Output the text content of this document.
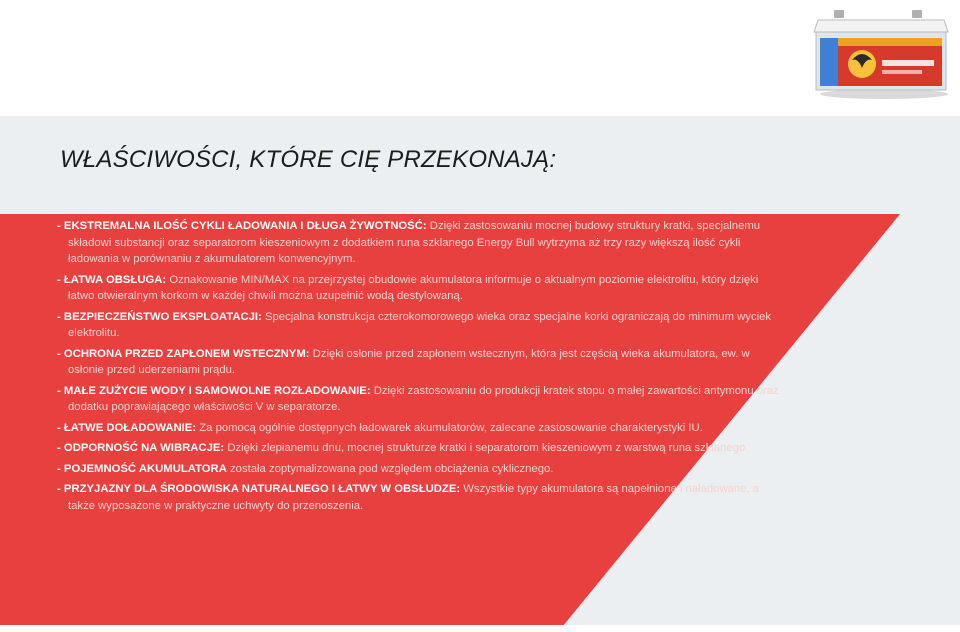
WŁAŚCIWOŚCI, KTÓRE CIĘ PRZEKONAJĄ:

- EKSTREMALNA ILOŚĆ CYKLI ŁADOWANIA I DŁUGA ŻYWOTNOŚĆ: Dzięki zastosowaniu mocnej budowy struktury kratki, specjalnemu składowi substancji oraz separatorom kieszeniowym z dodatkiem runa szklanego Energy Bull wytrzyma aż trzy razy większą ilość cykli ładowania w porównaniu z akumulatorem konwencyjnym.

- ŁATWA OBSŁUGA: Oznakowanie MIN/MAX na przejrzystej obudowie akumulatora informuje o aktualnym poziomie elektrolitu, który dzięki łatwo otwieralnym korkom w każdej chwili można uzupełnić wodą destylowaną.

- BEZPIECZEŃSTWO EKSPLOATACJI: Specjalna konstrukcja czterokomorowego wieka oraz specjalne korki ograniczają do minimum wyciek elektrolitu.

- OCHRONA PRZED ZAPŁONEM WSTECZNYM: Dzięki osłonie przed zapłonem wstecznym, która jest częścią wieka akumulatora, ew. w osłonie przed uderzeniami prądu.

- MAŁE ZUŻYCIE WODY I SAMOWOLNE ROZŁADOWANIE: Dzięki zastosowaniu do produkcji kratek stopu o małej zawartości antymonu oraz dodatku poprawiającego właściwości V w separatorze.

- ŁATWE DOŁADOWANIE: Za pomocą ogólnie dostępnych ładowarek akumulatorów, zalecane zastosowanie charakterystyki IU.

- ODPORNOŚĆ NA WIBRACJE: Dzięki zlepianemu dnu, mocnej strukturze kratki i separatorom kieszeniowym z warstwą runa szklanego.

- POJEMNOŚĆ AKUMULATORA została zoptymalizowana pod względem obciążenia cyklicznego.

- PRZYJAZNY DLA ŚRODOWISKA NATURALNEGO I ŁATWY W OBSŁUDZE: Wszystkie typy akumulatora są napełnione i naładowane, a także wyposażone w praktyczne uchwyty do przenoszenia.
